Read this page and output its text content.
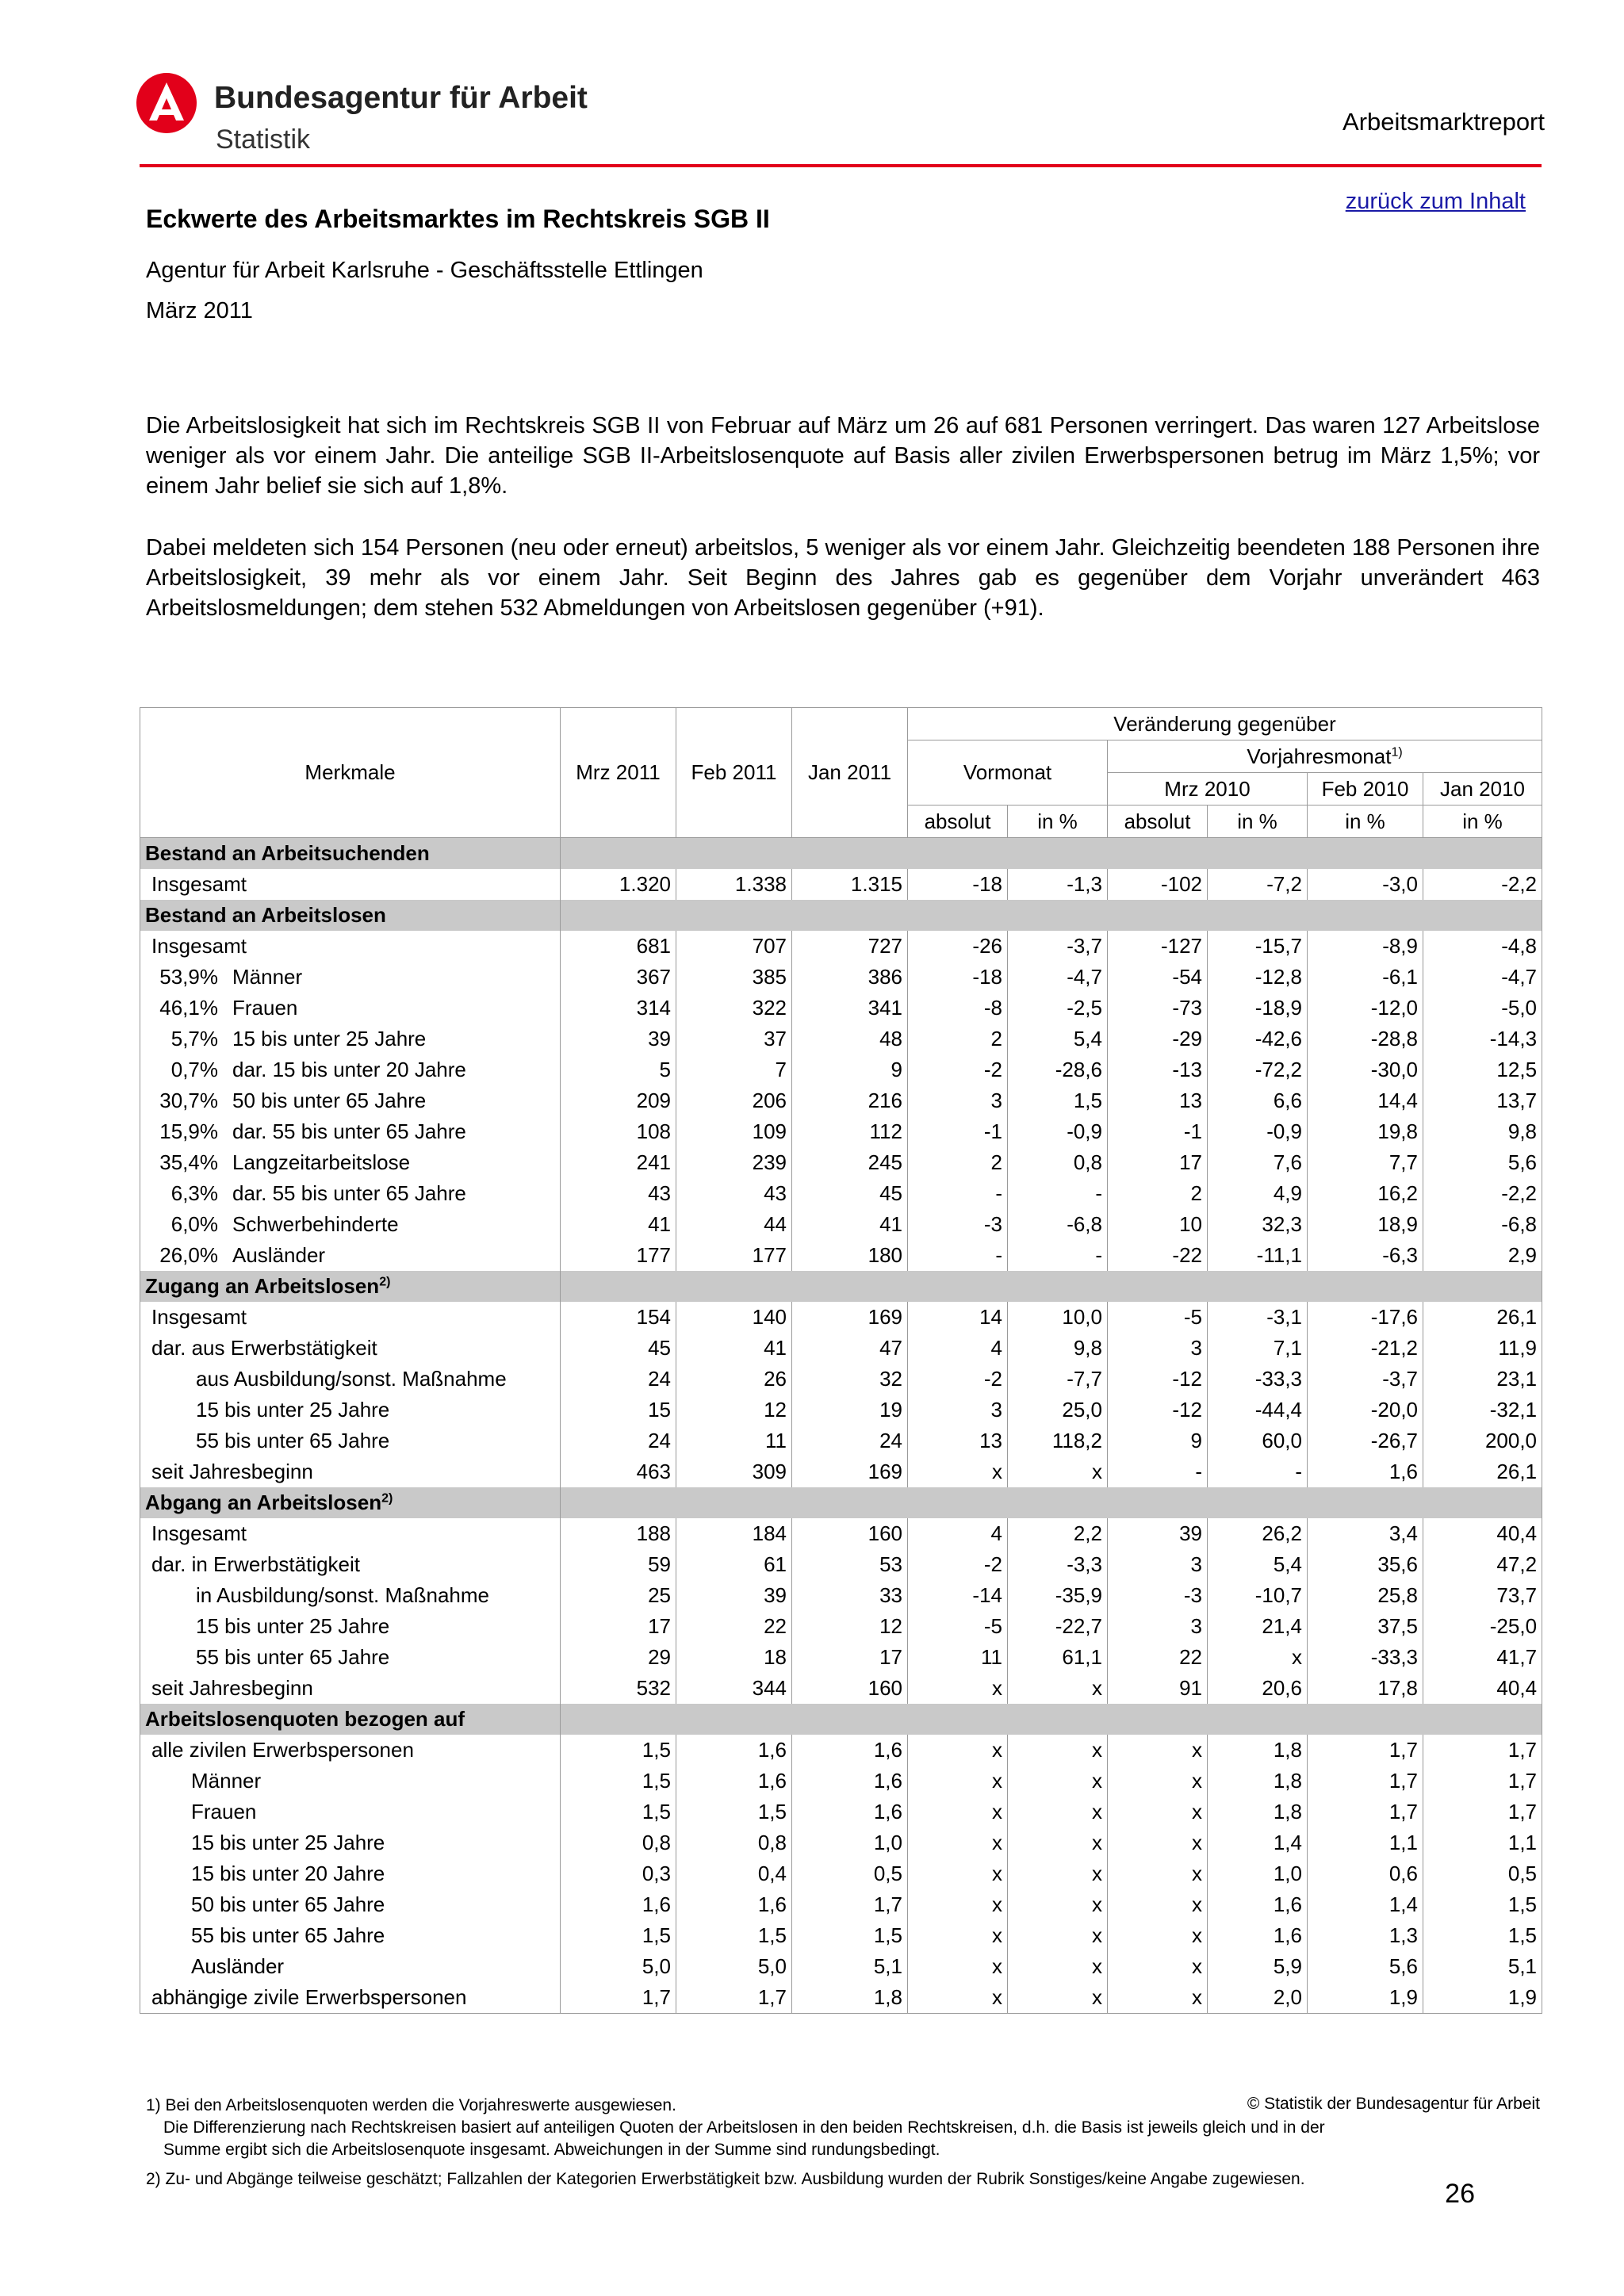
Bundesagentur für Arbeit
Statistik
Arbeitsmarktreport
zurück zum Inhalt
Eckwerte des Arbeitsmarktes im Rechtskreis SGB II
Agentur für Arbeit Karlsruhe - Geschäftsstelle Ettlingen
März 2011
Die Arbeitslosigkeit hat sich im Rechtskreis SGB II von Februar auf März um 26 auf 681 Personen verringert. Das waren 127 Arbeitslose weniger als vor einem Jahr. Die anteilige SGB II-Arbeitslosenquote auf Basis aller zivilen Erwerbspersonen betrug im März 1,5%; vor einem Jahr belief sie sich auf 1,8%.
Dabei meldeten sich 154 Personen (neu oder erneut) arbeitslos, 5 weniger als vor einem Jahr. Gleichzeitig beendeten 188 Personen ihre Arbeitslosigkeit, 39 mehr als vor einem Jahr. Seit Beginn des Jahres gab es gegenüber dem Vorjahr unverändert 463 Arbeitslosmeldungen; dem stehen 532 Abmeldungen von Arbeitslosen gegenüber (+91).
Merkmale	Mrz 2011	Feb 2011	Jan 2011	Veränderung gegenüber					
				Vormonat		Vorjahresmonat$^{1)}$
						Mrz 2010		Feb 2010	Jan 2010
				absolut	in %	absolut	in %	in %	in %
Bestand an Arbeitsuchenden									
Insgesamt	1.320	1.338	1.315	-18	-1,3	-102	-7,2	-3,0	-2,2
Bestand an Arbeitslosen									
Insgesamt	681	707	727	-26	-3,7	-127	-15,7	-8,9	-4,8
53,9% Männer	367	385	386	-18	-4,7	-54	-12,8	-6,1	-4,7
46,1% Frauen	314	322	341	-8	-2,5	-73	-18,9	-12,0	-5,0
5,7% 15 bis unter 25 Jahre	39	37	48	2	5,4	-29	-42,6	-28,8	-14,3
0,7% dar. 15 bis unter 20 Jahre	5	7	9	-2	-28,6	-13	-72,2	-30,0	12,5
30,7% 50 bis unter 65 Jahre	209	206	216	3	1,5	13	6,6	14,4	13,7
15,9% dar. 55 bis unter 65 Jahre	108	109	112	-1	-0,9	-1	-0,9	19,8	9,8
35,4% Langzeitarbeitslose	241	239	245	2	0,8	17	7,6	7,7	5,6
6,3% dar. 55 bis unter 65 Jahre	43	43	45	-	-	2	4,9	16,2	-2,2
6,0% Schwerbehinderte	41	44	41	-3	-6,8	10	32,3	18,9	-6,8
26,0% Ausländer	177	177	180	-	-	-22	-11,1	-6,3	2,9
Zugang an Arbeitslosen$^{2)}$	
Insgesamt	154	140	169	14	10,0	-5	-3,1	-17,6	26,1
dar. aus Erwerbstätigkeit	45	41	47	4	9,8	3	7,1	-21,2	11,9
aus Ausbildung/sonst. Maßnahme	24	26	32	-2	-7,7	-12	-33,3	-3,7	23,1
15 bis unter 25 Jahre	15	12	19	3	25,0	-12	-44,4	-20,0	-32,1
55 bis unter 65 Jahre	24	11	24	13	118,2	9	60,0	-26,7	200,0
seit Jahresbeginn	463	309	169	x	x	-	-	1,6	26,1
Abgang an Arbeitslosen$^{2)}$	
Insgesamt	188	184	160	4	2,2	39	26,2	3,4	40,4
dar. in Erwerbstätigkeit	59	61	53	-2	-3,3	3	5,4	35,6	47,2
in Ausbildung/sonst. Maßnahme	25	39	33	-14	-35,9	-3	-10,7	25,8	73,7
15 bis unter 25 Jahre	17	22	12	-5	-22,7	3	21,4	37,5	-25,0
55 bis unter 65 Jahre	29	18	17	11	61,1	22	x	-33,3	41,7
seit Jahresbeginn	532	344	160	x	x	91	20,6	17,8	40,4
Arbeitslosenquoten bezogen auf									
alle zivilen Erwerbspersonen	1,5	1,6	1,6	x	x	x	1,8	1,7	1,7
Männer	1,5	1,6	1,6	x	x	x	1,8	1,7	1,7
Frauen	1,5	1,5	1,6	x	x	x	1,8	1,7	1,7
15 bis unter 25 Jahre	0,8	0,8	1,0	x	x	x	1,4	1,1	1,1
15 bis unter 20 Jahre	0,3	0,4	0,5	x	x	x	1,0	0,6	0,5
50 bis unter 65 Jahre	1,6	1,6	1,7	x	x	x	1,6	1,4	1,5
55 bis unter 65 Jahre	1,5	1,5	1,5	x	x	x	1,6	1,3	1,5
Ausländer	5,0	5,0	5,1	x	x	x	5,9	5,6	5,1
abhängige zivile Erwerbspersonen	1,7	1,7	1,8	x	x	x	2,0	1,9	1,9
1) Bei den Arbeitslosenquoten werden die Vorjahreswerte ausgewiesen.
Die Differenzierung nach Rechtskreisen basiert auf anteiligen Quoten der Arbeitslosen in den beiden Rechtskreisen, d.h. die Basis ist jeweils gleich und in der
Summe ergibt sich die Arbeitslosenquote insgesamt. Abweichungen in der Summe sind rundungsbedingt.
2) Zu- und Abgänge teilweise geschätzt; Fallzahlen der Kategorien Erwerbstätigkeit bzw. Ausbildung wurden der Rubrik Sonstiges/keine Angabe zugewiesen.
© Statistik der Bundesagentur für Arbeit
26
